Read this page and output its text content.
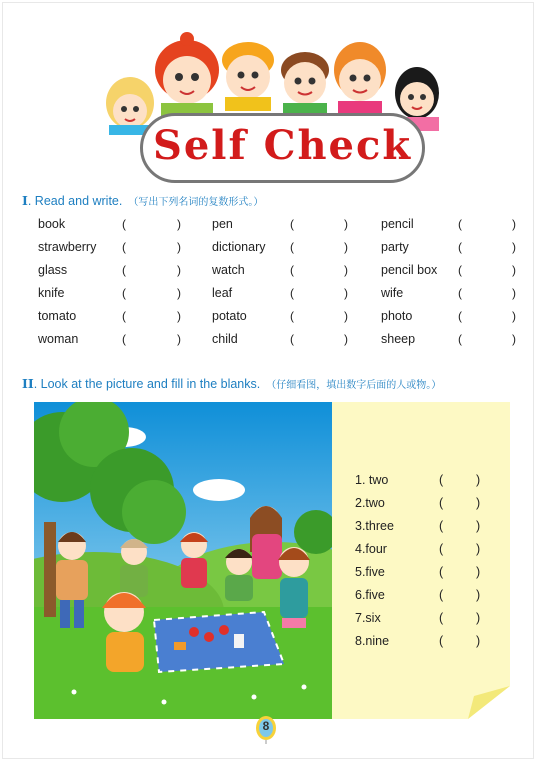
Self Check
I. Read and write. （写出下列名词的复数形式。）
book	(	) pen	(	)	pencil	(	)
strawberry (	) dictionary (	)	party	(	)
glass	(	) watch	(	)	pencil box (	)
knife	(	) leaf	(	)	wife	(	)
tomato	(	) potato	(	)	photo	(	)
woman	(	) child	(	)	sheep	(	)
II. Look at the picture and fill in the blanks. （仔细看图，填出数字后面的人或物。）
1. two	(	)
2.two	(	)
3.three	(	)
4.four	(	)
5.five	(	)
6.five	(	)
7.six	(	)
8.nine	(	)
8
